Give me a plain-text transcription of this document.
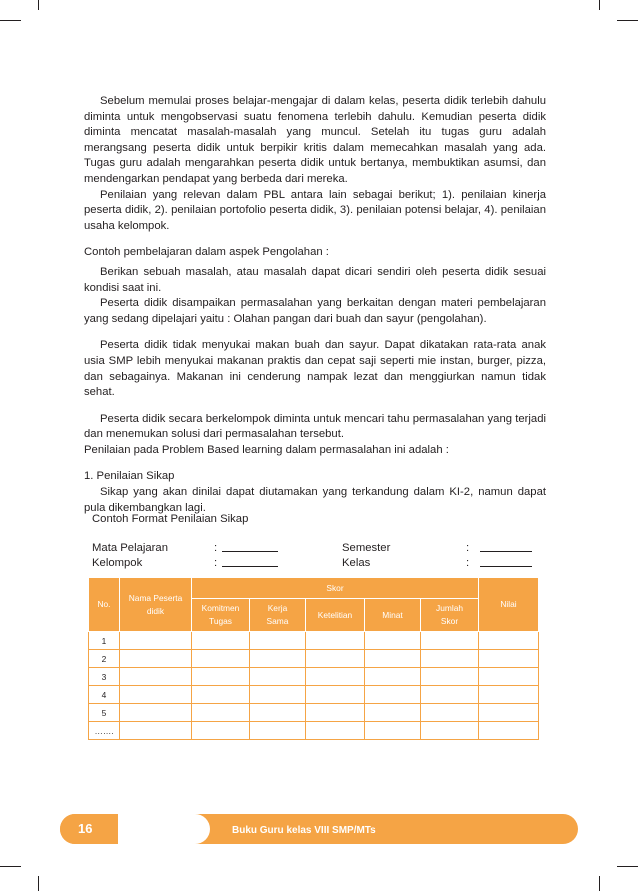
Sebelum memulai proses belajar-mengajar di dalam kelas, peserta didik terlebih dahulu diminta untuk mengobservasi suatu fenomena terlebih dahulu. Kemudian peserta didik diminta mencatat masalah-masalah yang muncul. Setelah itu tugas guru adalah merangsang peserta didik untuk berpikir kritis dalam memecahkan masalah yang ada. Tugas guru adalah mengarahkan peserta didik untuk bertanya, membuktikan asumsi, dan mendengarkan pendapat yang berbeda dari mereka.

Penilaian yang relevan dalam PBL antara lain sebagai berikut; 1). penilaian kinerja peserta didik, 2). penilaian portofolio peserta didik, 3). penilaian potensi belajar, 4). penilaian usaha kelompok.

Contoh pembelajaran dalam aspek Pengolahan :

Berikan sebuah masalah, atau masalah dapat dicari sendiri oleh peserta didik sesuai kondisi saat ini.

Peserta didik disampaikan permasalahan yang berkaitan dengan materi pembelajaran yang sedang dipelajari yaitu : Olahan pangan dari buah dan sayur (pengolahan).

Peserta didik tidak menyukai makan buah dan sayur. Dapat dikatakan rata-rata anak usia SMP lebih menyukai makanan praktis dan cepat saji seperti mie instan, burger, pizza, dan sebagainya. Makanan ini cenderung nampak lezat dan menggiurkan namun tidak sehat.

Peserta didik secara berkelompok diminta untuk mencari tahu permasalahan yang terjadi dan menemukan solusi dari permasalahan tersebut.

Penilaian pada Problem Based learning dalam permasalahan ini adalah :

1. Penilaian Sikap

Sikap yang akan dinilai dapat diutamakan yang terkandung dalam KI-2, namun dapat pula dikembangkan lagi.

Contoh Format Penilaian Sikap
Mata Pelajaran	:
Kelompok	:
Semester	:
Kelas	:
No.	Nama Peserta didik	Skor					Nilai
		Komitmen Tugas	Kerja Sama	Ketelitian	Minat	Jumlah Skor	
1							
2							
3							
4							
5							
…….							
16	Buku Guru kelas VIII SMP/MTs
